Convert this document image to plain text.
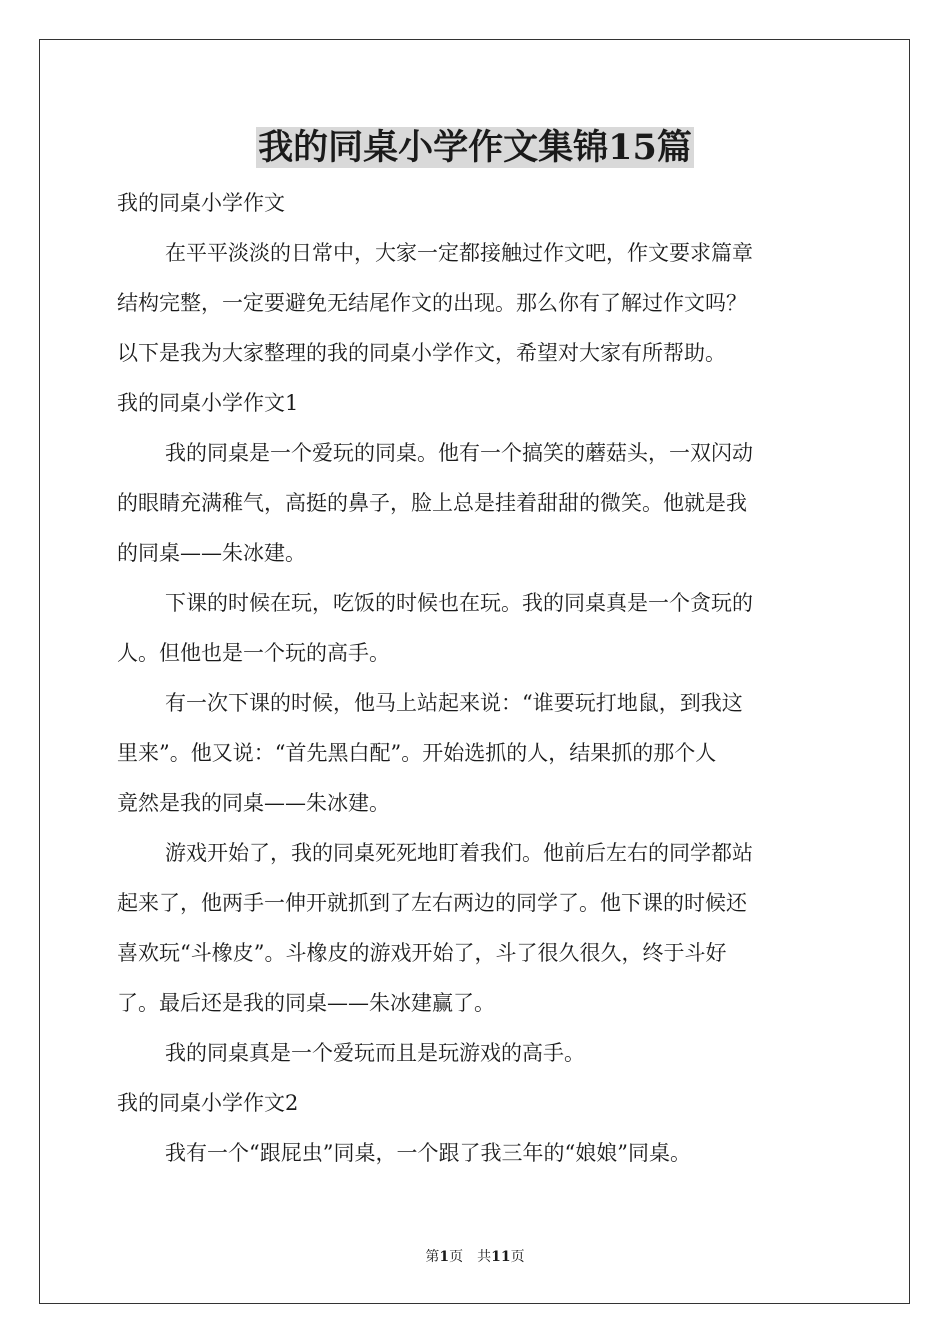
我的同桌小学作文集锦15篇
我的同桌小学作文
在平平淡淡的日常中，大家一定都接触过作文吧，作文要求篇章
结构完整，一定要避免无结尾作文的出现。那么你有了解过作文吗？
以下是我为大家整理的我的同桌小学作文，希望对大家有所帮助。
我的同桌小学作文1
我的同桌是一个爱玩的同桌。他有一个搞笑的蘑菇头，一双闪动
的眼睛充满稚气，高挺的鼻子，脸上总是挂着甜甜的微笑。他就是我
的同桌——朱冰建。
下课的时候在玩，吃饭的时候也在玩。我的同桌真是一个贪玩的
人。但他也是一个玩的高手。
有一次下课的时候，他马上站起来说：“谁要玩打地鼠，到我这
里来”。他又说：“首先黑白配”。开始选抓的人，结果抓的那个人
竟然是我的同桌——朱冰建。
游戏开始了，我的同桌死死地盯着我们。他前后左右的同学都站
起来了，他两手一伸开就抓到了左右两边的同学了。他下课的时候还
喜欢玩“斗橡皮”。斗橡皮的游戏开始了，斗了很久很久，终于斗好
了。最后还是我的同桌——朱冰建赢了。
我的同桌真是一个爱玩而且是玩游戏的高手。
我的同桌小学作文2
我有一个“跟屁虫”同桌，一个跟了我三年的“娘娘”同桌。
第1页 共11页
